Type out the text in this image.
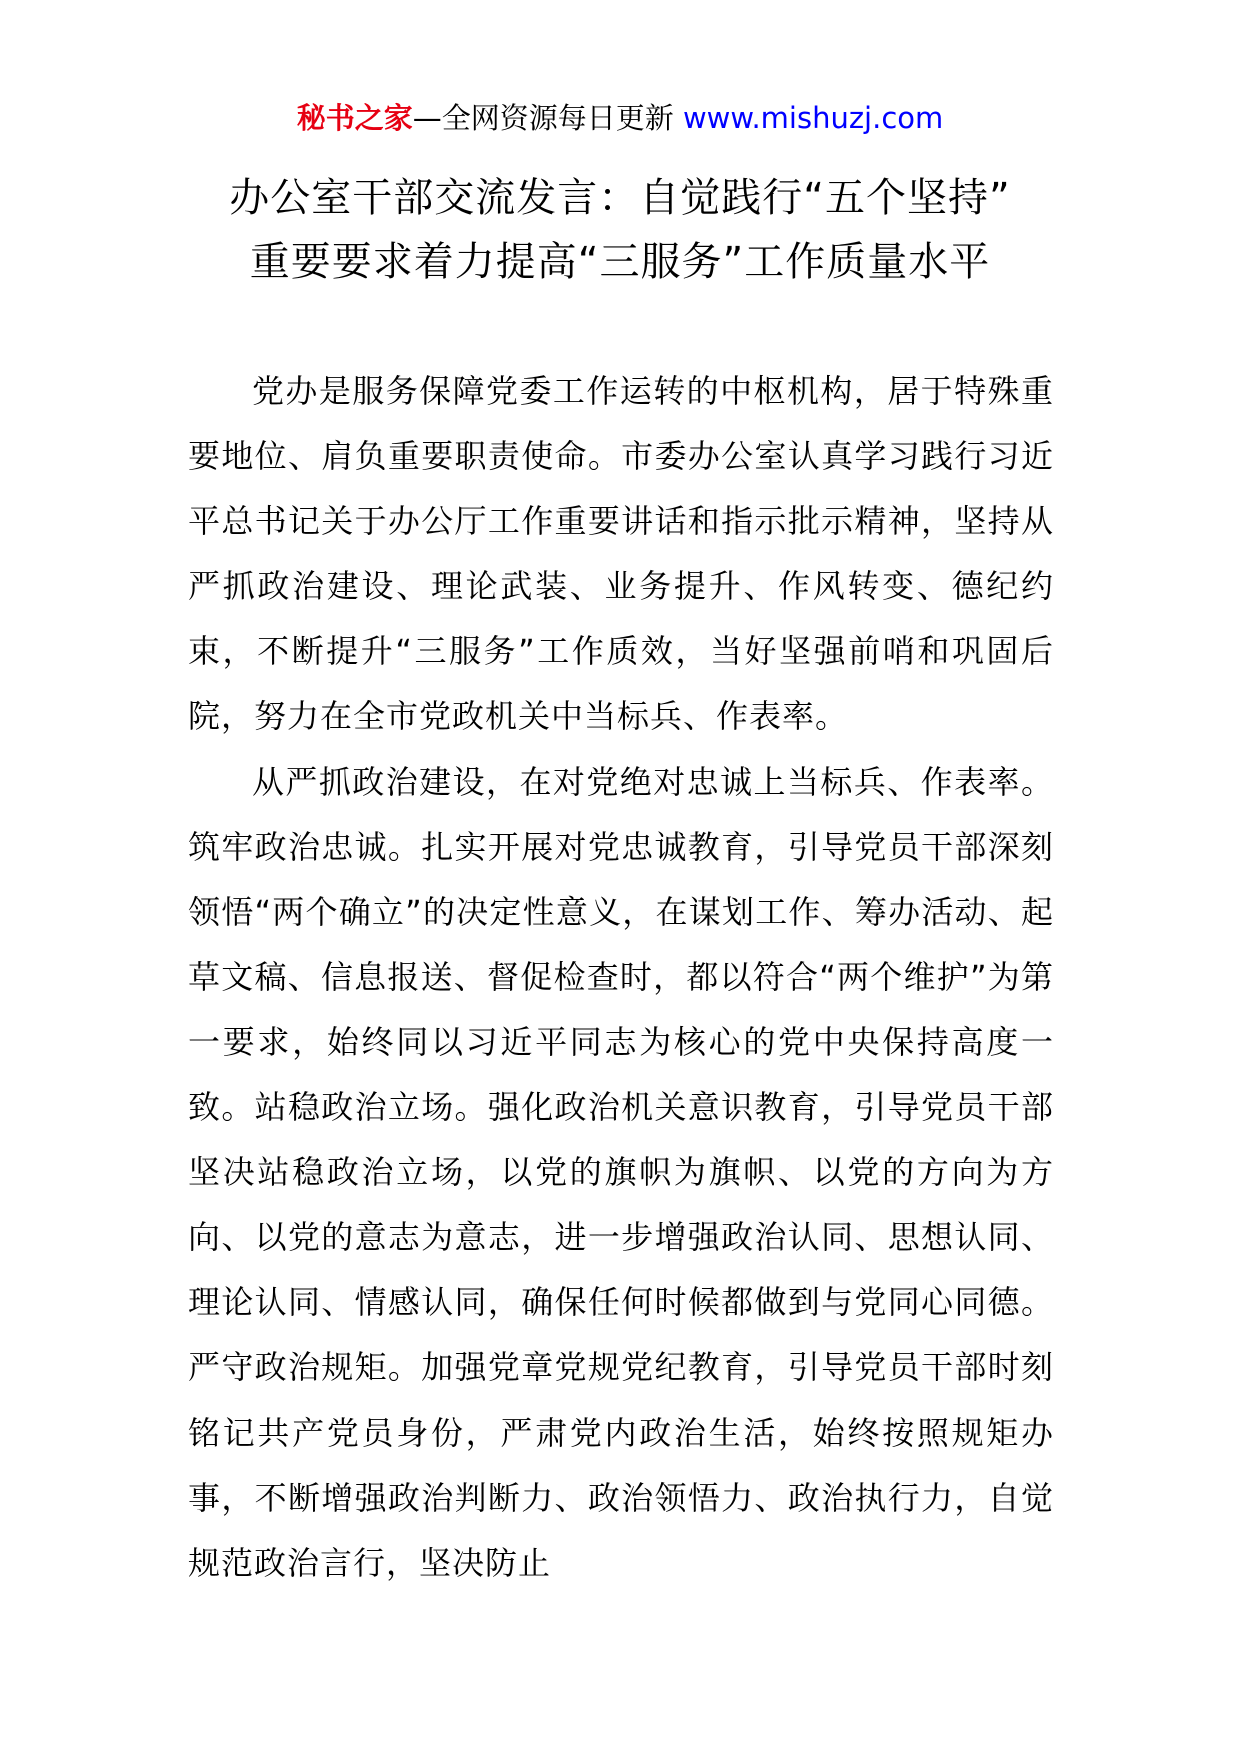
秘书之家—全网资源每日更新 www.mishuzj.com
办公室干部交流发言：自觉践行“五个坚持”
重要要求着力提高“三服务”工作质量水平

党办是服务保障党委工作运转的中枢机构，居于特殊重要地位、肩负重要职责使命。市委办公室认真学习践行习近平总书记关于办公厅工作重要讲话和指示批示精神，坚持从严抓政治建设、理论武装、业务提升、作风转变、德纪约束，不断提升“三服务”工作质效，当好坚强前哨和巩固后院，努力在全市党政机关中当标兵、作表率。

从严抓政治建设，在对党绝对忠诚上当标兵、作表率。筑牢政治忠诚。扎实开展对党忠诚教育，引导党员干部深刻领悟“两个确立”的决定性意义，在谋划工作、筹办活动、起草文稿、信息报送、督促检查时，都以符合“两个维护”为第一要求，始终同以习近平同志为核心的党中央保持高度一致。站稳政治立场。强化政治机关意识教育，引导党员干部坚决站稳政治立场，以党的旗帜为旗帜、以党的方向为方向、以党的意志为意志，进一步增强政治认同、思想认同、理论认同、情感认同，确保任何时候都做到与党同心同德。严守政治规矩。加强党章党规党纪教育，引导党员干部时刻铭记共产党员身份，严肃党内政治生活，始终按照规矩办事，不断增强政治判断力、政治领悟力、政治执行力，自觉规范政治言行，坚决防止
